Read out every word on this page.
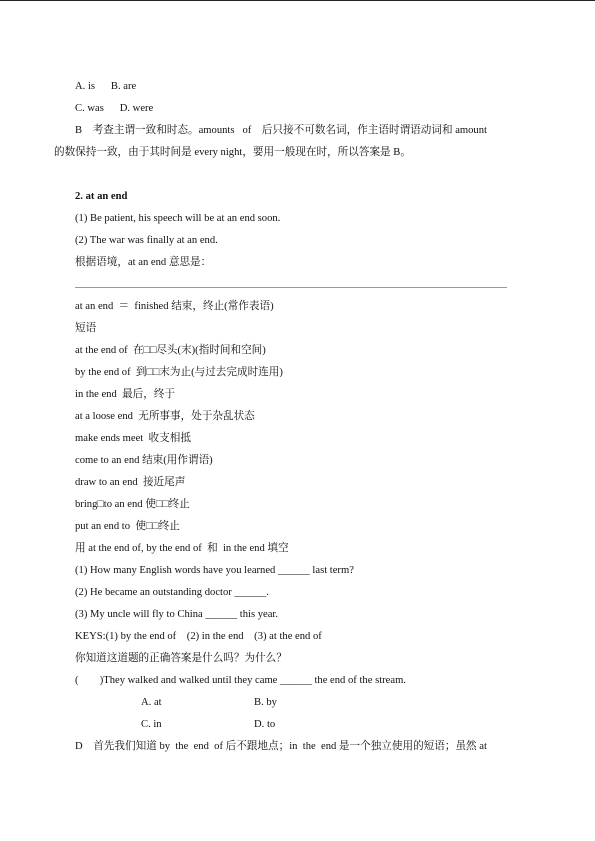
A. is      B. are
C. was      D. were
B    考查主谓一致和时态。amounts   of    后只接不可数名词，作主语时谓语动词和 amount
的数保持一致，由于其时间是 every night，要用一般现在时，所以答案是 B。
2. at an end
(1) Be patient, his speech will be at an end soon.
(2) The war was finally at an end.
根据语境，at an end 意思是：
at an end  ＝  finished 结束，终止(常作表语)
短语
at the end of  在□□尽头(末)(指时间和空间)
by the end of  到□□末为止(与过去完成时连用)
in the end  最后，终于
at a loose end  无所事事，处于杂乱状态
make ends meet  收支相抵
come to an end 结束(用作谓语)
draw to an end  接近尾声
bring□to an end 使□□终止
put an end to  使□□终止
用 at the end of, by the end of  和  in the end 填空
(1) How many English words have you learned ______ last term?
(2) He became an outstanding doctor ______.
(3) My uncle will fly to China ______ this year.
KEYS:(1) by the end of    (2) in the end    (3) at the end of
你知道这道题的正确答案是什么吗？为什么？
(        )They walked and walked until they came ______ the end of the stream.
A. at	B. by
C. in	D. to
D    首先我们知道 by  the  end  of 后不跟地点；in  the  end 是一个独立使用的短语；虽然 at
